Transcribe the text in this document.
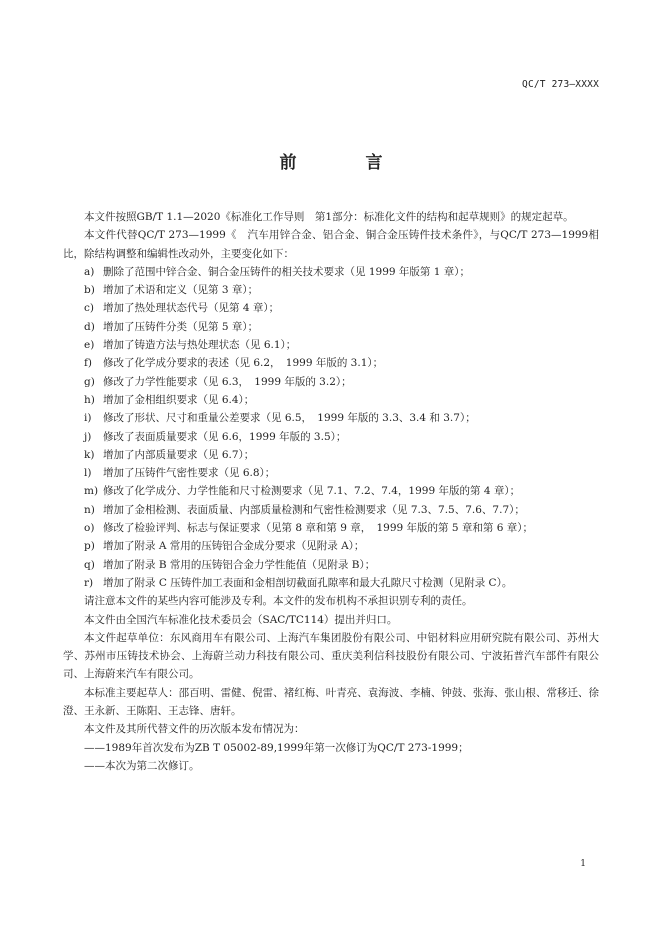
QC/T 273—XXXX
前　言

本文件按照GB/T 1.1—2020《标准化工作导则　第1部分：标准化文件的结构和起草规则》的规定起草。

本文件代替QC/T 273—1999《　汽车用锌合金、铝合金、铜合金压铸件技术条件》，与QC/T 273—1999相比，除结构调整和编辑性改动外，主要变化如下：

a) 删除了范围中锌合金、铜合金压铸件的相关技术要求（见 1999 年版第 1 章）；

b) 增加了术语和定义（见第 3 章）；

c) 增加了热处理状态代号（见第 4 章）；

d) 增加了压铸件分类（见第 5 章）；

e) 增加了铸造方法与热处理状态（见 6.1）；

f) 修改了化学成分要求的表述（见 6.2，　1999 年版的 3.1）；

g) 修改了力学性能要求（见 6.3，　1999 年版的 3.2）；

h) 增加了金相组织要求（见 6.4）；

i) 修改了形状、尺寸和重量公差要求（见 6.5，　1999 年版的 3.3、3.4 和 3.7）；

j) 修改了表面质量要求（见 6.6，1999 年版的 3.5）；

k) 增加了内部质量要求（见 6.7）；

l) 增加了压铸件气密性要求（见 6.8）；

m) 修改了化学成分、力学性能和尺寸检测要求（见 7.1、7.2、7.4，1999 年版的第 4 章）；

n) 增加了金相检测、表面质量、内部质量检测和气密性检测要求（见 7.3、7.5、7.6、7.7）；

o) 修改了检验评判、标志与保证要求（见第 8 章和第 9 章，　1999 年版的第 5 章和第 6 章）；

p) 增加了附录 A 常用的压铸铝合金成分要求（见附录 A）；

q) 增加了附录 B 常用的压铸铝合金力学性能值（见附录 B）；

r) 增加了附录 C 压铸件加工表面和金相剖切截面孔隙率和最大孔隙尺寸检测（见附录 C）。

请注意本文件的某些内容可能涉及专利。本文件的发布机构不承担识别专利的责任。

本文件由全国汽车标准化技术委员会（SAC/TC114）提出并归口。

本文件起草单位：东风商用车有限公司、上海汽车集团股份有限公司、中铝材料应用研究院有限公司、苏州大学、苏州市压铸技术协会、上海蔚兰动力科技有限公司、重庆美利信科技股份有限公司、宁波拓普汽车部件有限公司、上海蔚来汽车有限公司。

本标准主要起草人：邵百明、雷健、倪雷、褚红梅、叶青亮、袁海波、李楠、钟鼓、张海、张山根、常移迁、徐澄、王永新、王陈阳、王志锋、唐轩。

本文件及其所代替文件的历次版本发布情况为：

——1989年首次发布为ZB T 05002-89,1999年第一次修订为QC/T 273-1999；

——本次为第二次修订。

1
